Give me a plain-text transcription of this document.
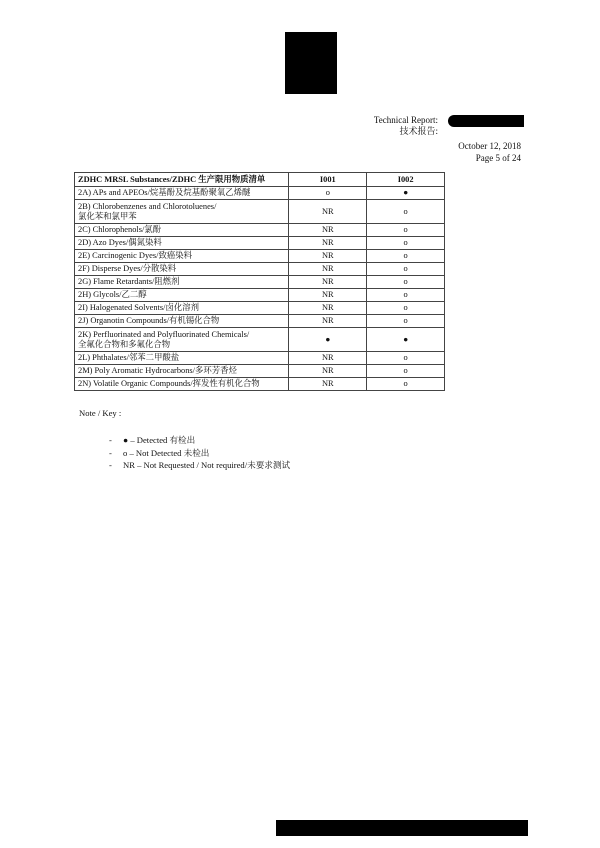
Technical Report:
技术报告:
October 12, 2018
Page 5 of 24
ZDHC MRSL Substances/ZDHC 生产限用物质清单	I001	I002
2A) APs and APEOs/烷基酚及烷基酚聚氧乙烯醚	o	●
2B) Chlorobenzenes and Chlorotoluenes/
氯化苯和氯甲苯	NR	o
2C) Chlorophenols/氯酚	NR	o
2D) Azo Dyes/偶氮染料	NR	o
2E) Carcinogenic Dyes/致癌染料	NR	o
2F) Disperse Dyes/分散染料	NR	o
2G) Flame Retardants/阻燃剂	NR	o
2H) Glycols/乙二醇	NR	o
2I) Halogenated Solvents/卤化溶剂	NR	o
2J) Organotin Compounds/有机锡化合物	NR	o
2K) Perfluorinated and Polyfluorinated Chemicals/
全氟化合物和多氟化合物	●	●
2L) Phthalates/邻苯二甲酸盐	NR	o
2M) Poly Aromatic Hydrocarbons/多环芳香烃	NR	o
2N) Volatile Organic Compounds/挥发性有机化合物	NR	o
Note / Key :
- ● – Detected 有检出
- o – Not Detected 未检出
- NR – Not Requested / Not required/未要求测试
